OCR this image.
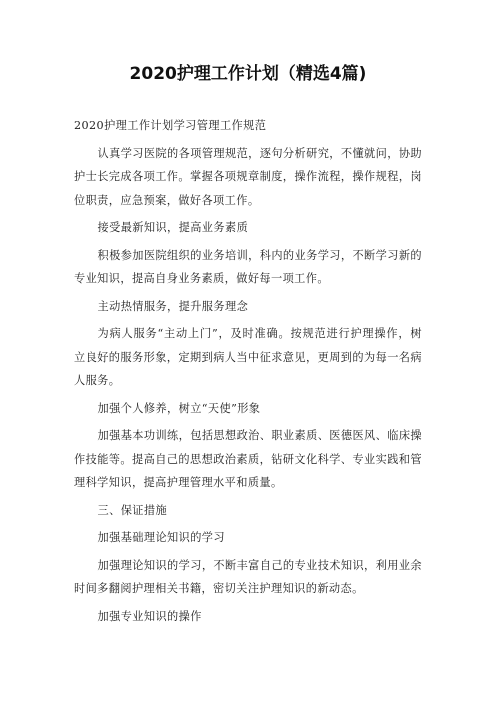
2020护理工作计划（精选4篇)

2020护理工作计划学习管理工作规范

认真学习医院的各项管理规范，逐句分析研究，不懂就问，协助护士长完成各项工作。掌握各项规章制度，操作流程，操作规程，岗位职责，应急预案，做好各项工作。

接受最新知识，提高业务素质

积极参加医院组织的业务培训，科内的业务学习，不断学习新的专业知识，提高自身业务素质，做好每一项工作。

主动热情服务，提升服务理念

为病人服务“主动上门”，及时准确。按规范进行护理操作，树立良好的服务形象，定期到病人当中征求意见，更周到的为每一名病人服务。

加强个人修养，树立“天使”形象

加强基本功训练，包括思想政治、职业素质、医德医风、临床操作技能等。提高自己的思想政治素质，钻研文化科学、专业实践和管理科学知识，提高护理管理水平和质量。

三、保证措施

加强基础理论知识的学习

加强理论知识的学习，不断丰富自己的专业技术知识，利用业余时间多翻阅护理相关书籍，密切关注护理知识的新动态。

加强专业知识的操作
